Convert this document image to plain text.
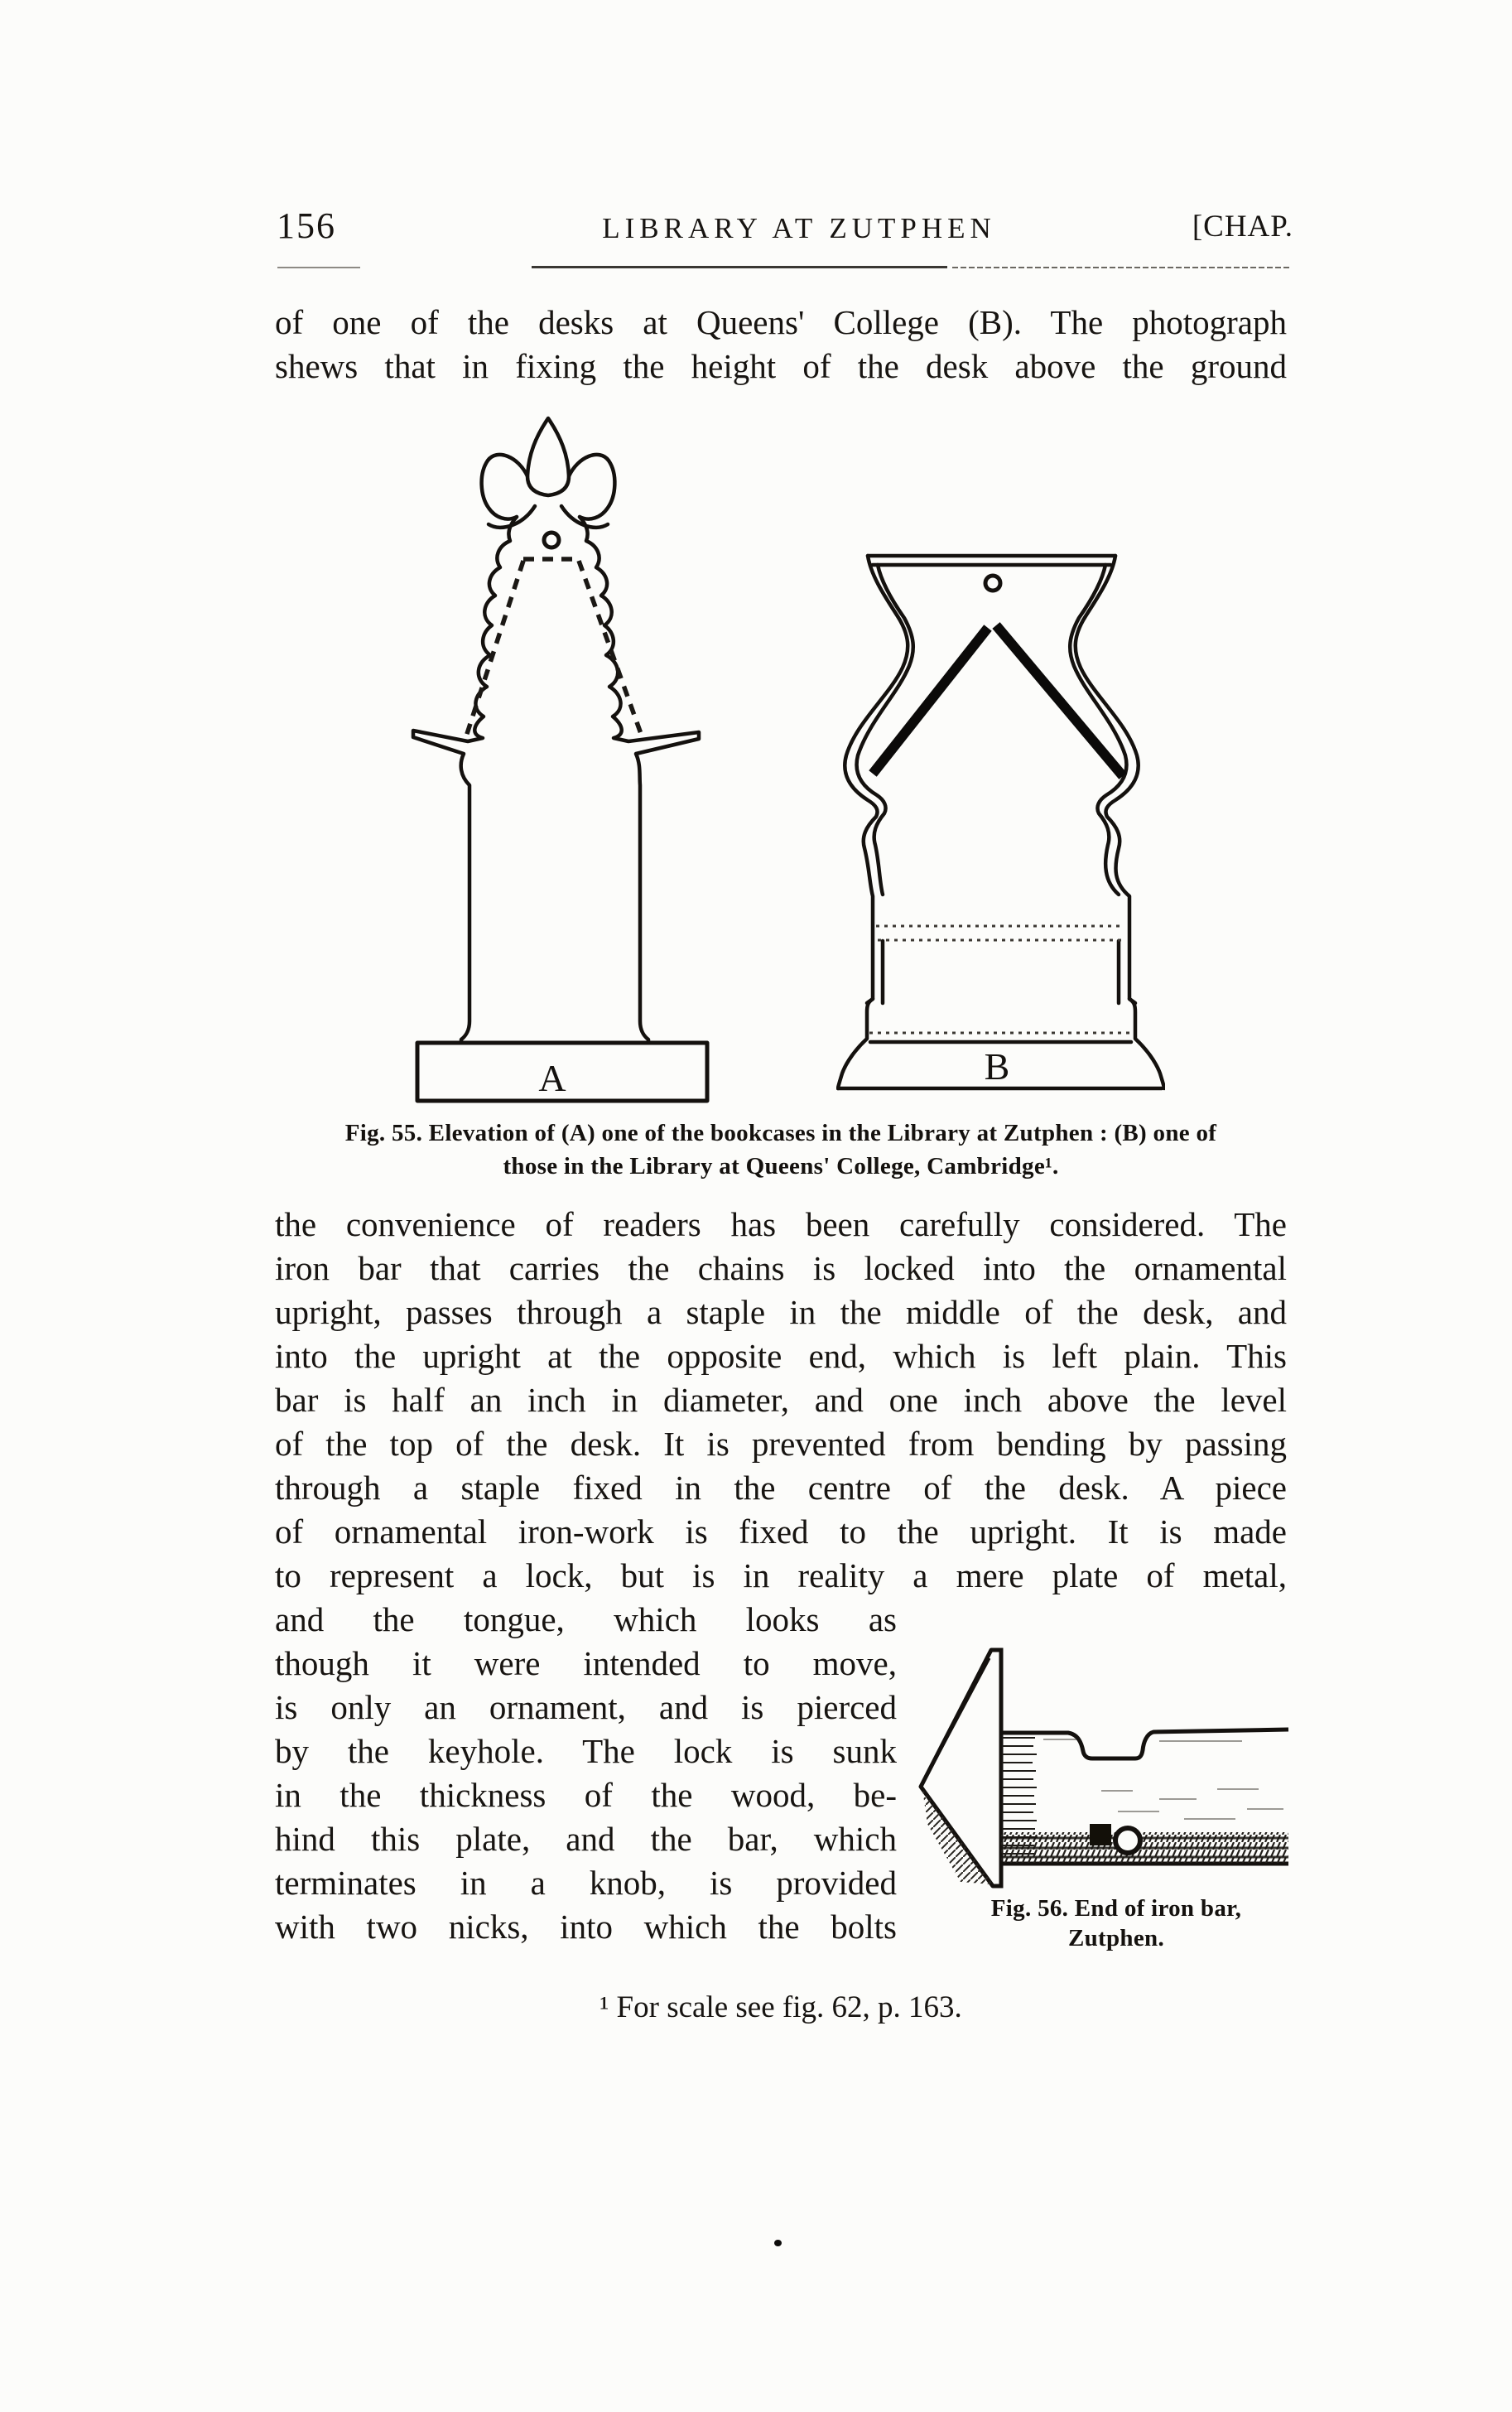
156	LIBRARY AT ZUTPHEN	[CHAP.
of one of the desks at Queens' College (B). The photograph
shews that in fixing the height of the desk above the ground
A	B
Fig. 55. Elevation of (A) one of the bookcases in the Library at Zutphen : (B) one of
those in the Library at Queens' College, Cambridge¹.
the convenience of readers has been carefully considered. The
iron bar that carries the chains is locked into the ornamental
upright, passes through a staple in the middle of the desk, and
into the upright at the opposite end, which is left plain. This
bar is half an inch in diameter, and one inch above the level
of the top of the desk. It is prevented from bending by passing
through a staple fixed in the centre of the desk. A piece
of ornamental iron-work is fixed to the upright. It is made
to represent a lock, but is in reality a mere plate of metal,
and the tongue, which looks as
though it were intended to move,
is only an ornament, and is pierced
by the keyhole. The lock is sunk
in the thickness of the wood, be-
hind this plate, and the bar, which
terminates in a knob, is provided
with two nicks, into which the bolts	Fig. 56. End of iron bar,
Zutphen.
¹ For scale see fig. 62, p. 163.
